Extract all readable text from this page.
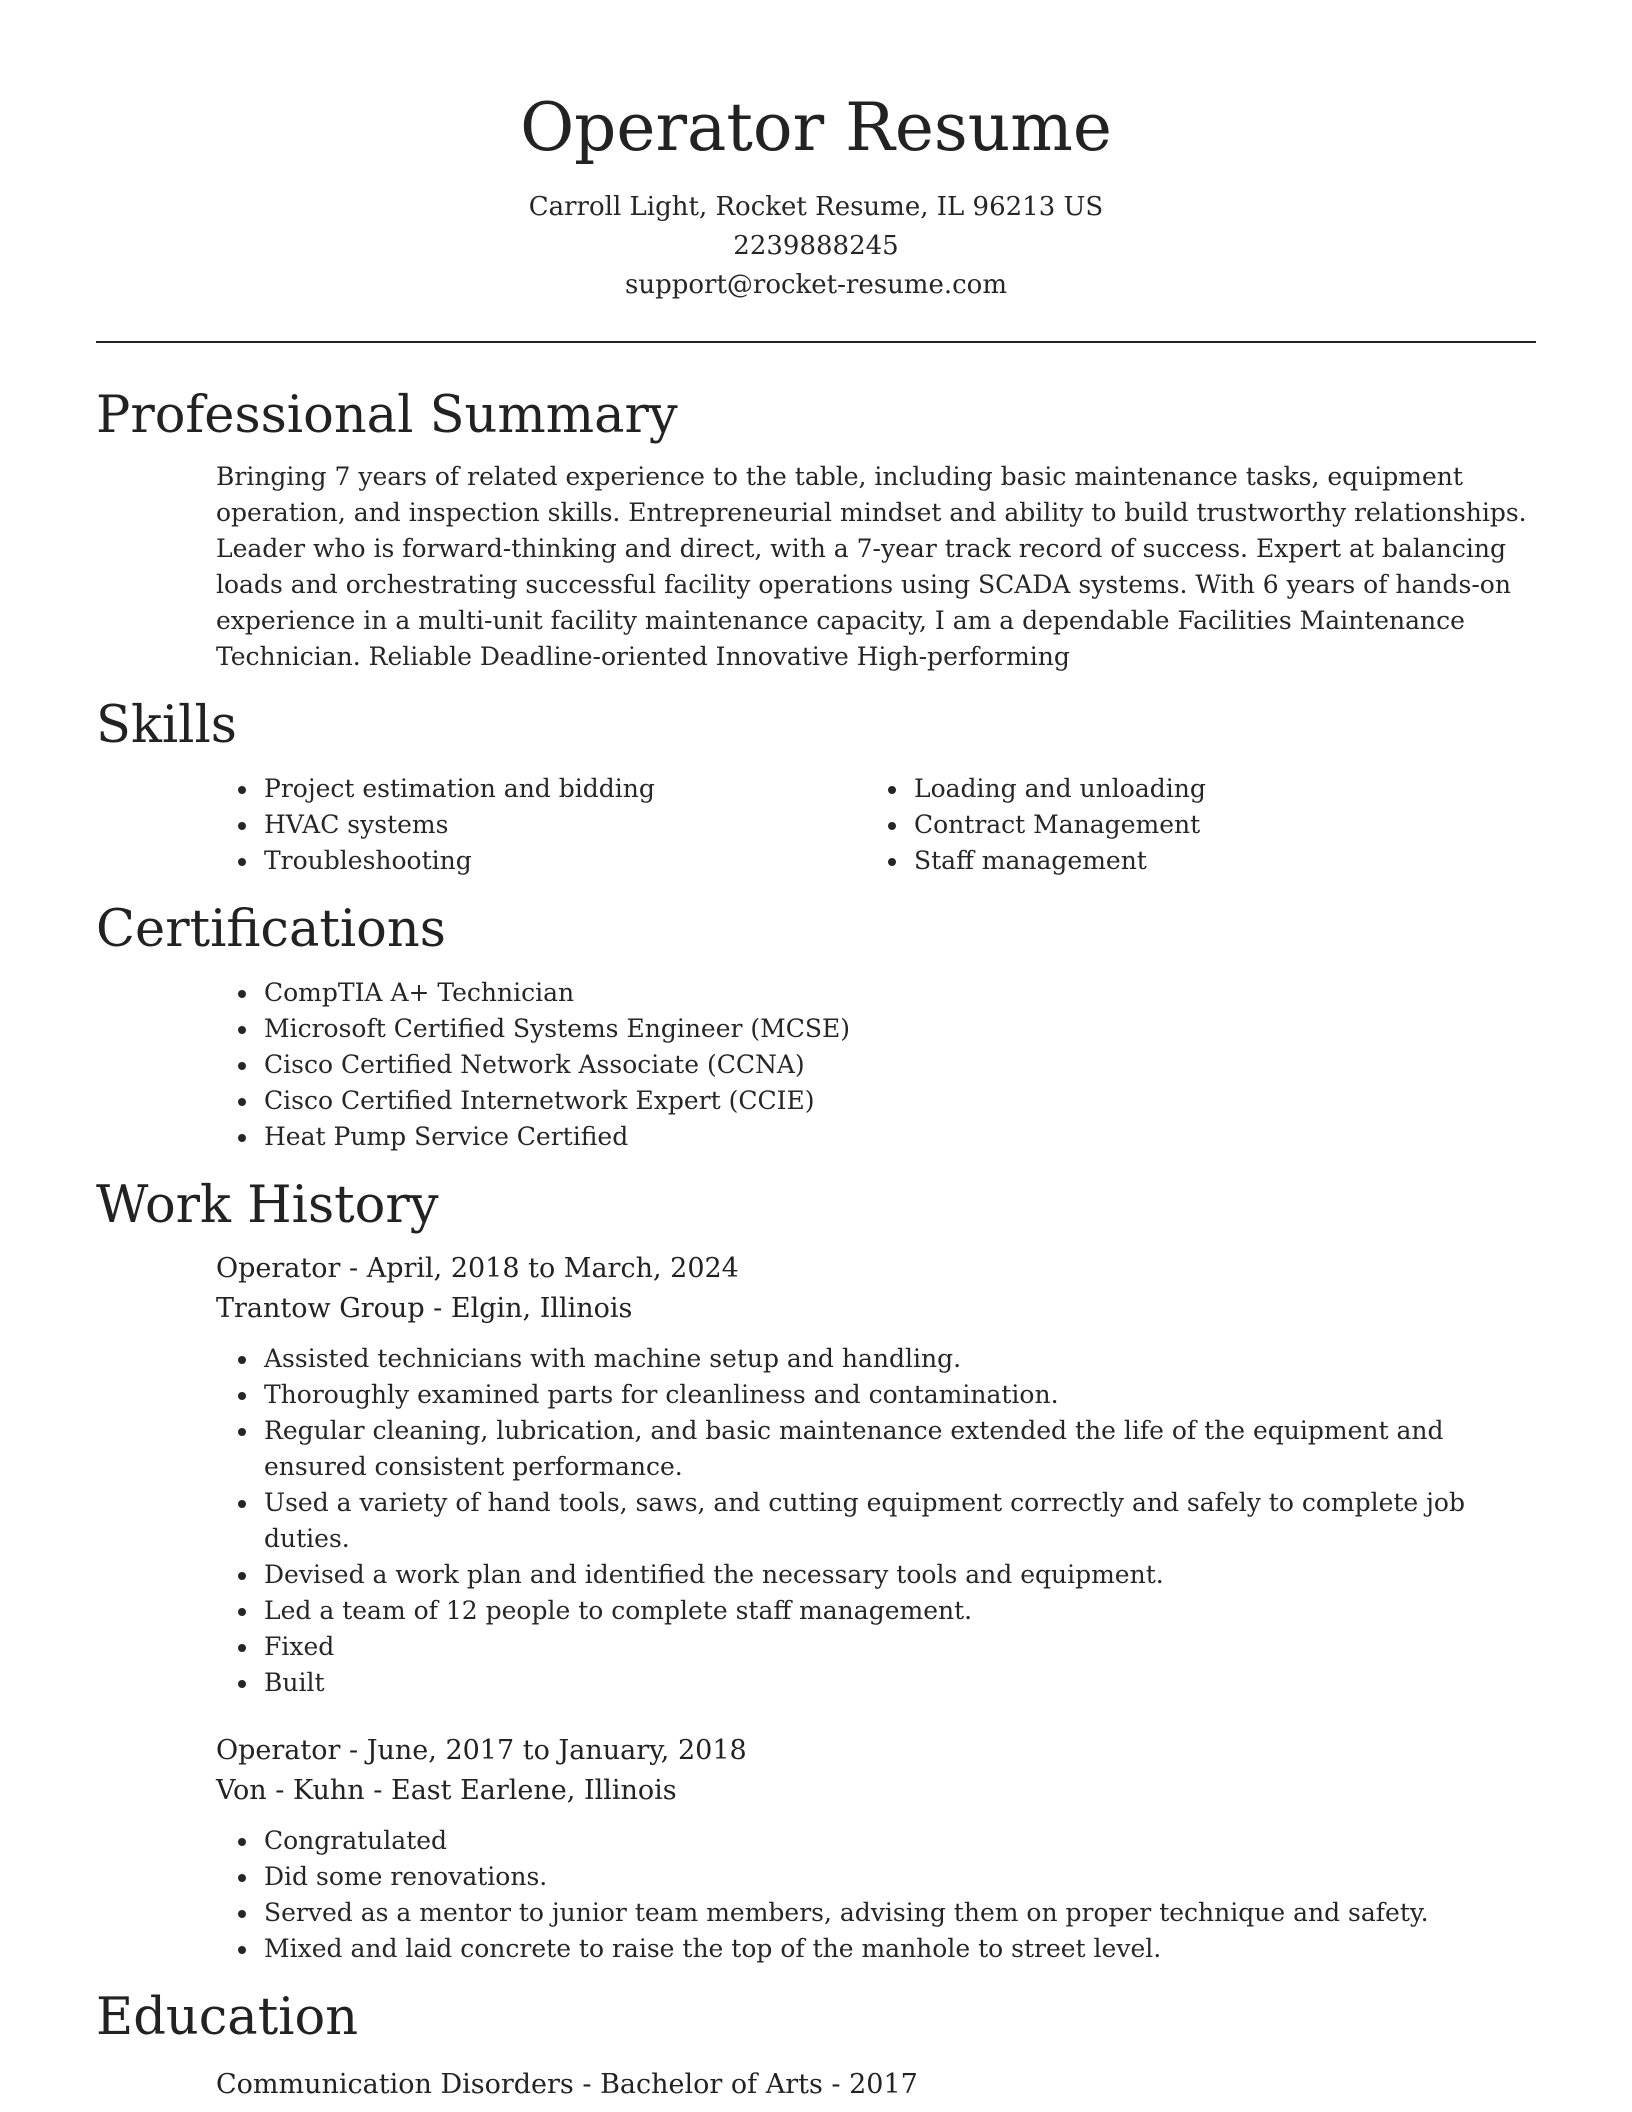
Operator Resume
Carroll Light, Rocket Resume, IL 96213 US
2239888245
support@rocket-resume.com
Professional Summary
Bringing 7 years of related experience to the table, including basic maintenance tasks, equipment operation, and inspection skills. Entrepreneurial mindset and ability to build trustworthy relationships. Leader who is forward-thinking and direct, with a 7-year track record of success. Expert at balancing loads and orchestrating successful facility operations using SCADA systems. With 6 years of hands-on experience in a multi-unit facility maintenance capacity, I am a dependable Facilities Maintenance Technician. Reliable Deadline-oriented Innovative High-performing
Skills
• Project estimation and bidding
• HVAC systems
• Troubleshooting
• Loading and unloading
• Contract Management
• Staff management
Certifications
• CompTIA A+ Technician
• Microsoft Certified Systems Engineer (MCSE)
• Cisco Certified Network Associate (CCNA)
• Cisco Certified Internetwork Expert (CCIE)
• Heat Pump Service Certified
Work History
Operator - April, 2018 to March, 2024
Trantow Group - Elgin, Illinois
• Assisted technicians with machine setup and handling.
• Thoroughly examined parts for cleanliness and contamination.
• Regular cleaning, lubrication, and basic maintenance extended the life of the equipment and ensured consistent performance.
• Used a variety of hand tools, saws, and cutting equipment correctly and safely to complete job duties.
• Devised a work plan and identified the necessary tools and equipment.
• Led a team of 12 people to complete staff management.
• Fixed
• Built
Operator - June, 2017 to January, 2018
Von - Kuhn - East Earlene, Illinois
• Congratulated
• Did some renovations.
• Served as a mentor to junior team members, advising them on proper technique and safety.
• Mixed and laid concrete to raise the top of the manhole to street level.
Education
Communication Disorders - Bachelor of Arts - 2017
